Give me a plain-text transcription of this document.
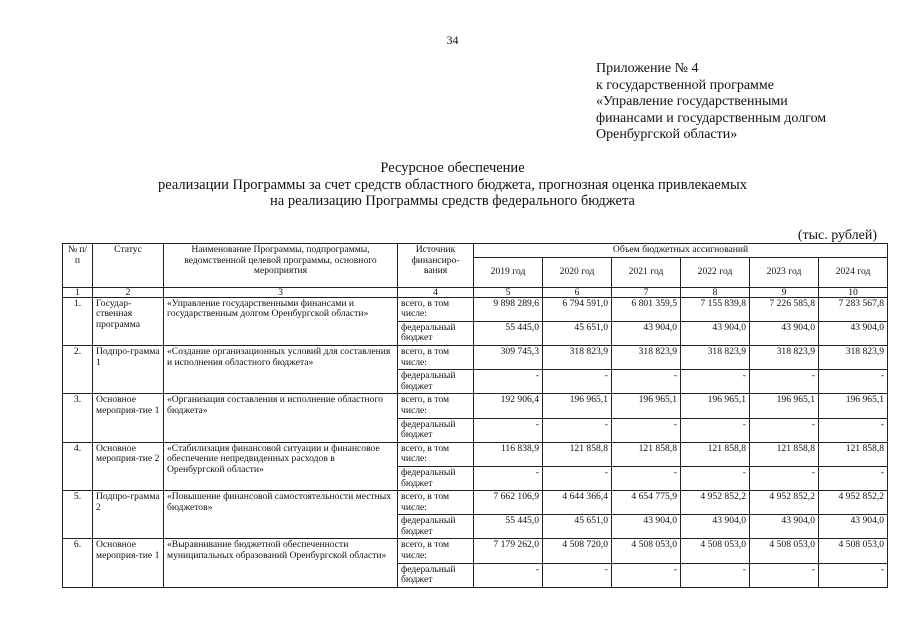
34
Приложение № 4
к государственной программе
«Управление государственными
финансами и государственным долгом
Оренбургской области»
Ресурсное обеспечение
реализации Программы за счет средств областного бюджета, прогнозная оценка привлекаемых
на реализацию Программы средств федерального бюджета
(тыс. рублей)
№ п/п	Статус	Наименование Программы, подпрограммы, ведомственной целевой программы, основного мероприятия	Источник финансиро-вания	Объем бюджетных ассигнований					
				2019 год	2020 год	2021 год	2022 год	2023 год	2024 год
1	2	3	4	5	6	7	8	9	10
1.	Государ-ственная программа	«Управление государственными финансами и государственным долгом Оренбургской области»	всего, в том числе:	9 898 289,6	6 794 591,0	6 801 359,5	7 155 839,8	7 226 585,8	7 283 567,8
			федеральный бюджет	55 445,0	45 651,0	43 904,0	43 904,0	43 904,0	43 904,0
2.	Подпро-грамма 1	«Создание организационных условий для составления и исполнения областного бюджета»	всего, в том числе:	309 745,3	318 823,9	318 823,9	318 823,9	318 823,9	318 823,9
			федеральный бюджет	-	-	-	-	-	-
3.	Основное мероприя-тие 1	«Организация составления и исполнение областного бюджета»	всего, в том числе:	192 906,4	196 965,1	196 965,1	196 965,1	196 965,1	196 965,1
			федеральный бюджет	-	-	-	-	-	-
4.	Основное мероприя-тие 2	«Стабилизация финансовой ситуации и финансовое обеспечение непредвиденных расходов в Оренбургской области»	всего, в том числе:	116 838,9	121 858,8	121 858,8	121 858,8	121 858,8	121 858,8
			федеральный бюджет	-	-	-	-	-	-
5.	Подпро-грамма 2	«Повышение финансовой самостоятельности местных бюджетов»	всего, в том числе:	7 662 106,9	4 644 366,4	4 654 775,9	4 952 852,2	4 952 852,2	4 952 852,2
			федеральный бюджет	55 445,0	45 651,0	43 904,0	43 904,0	43 904,0	43 904,0
6.	Основное мероприя-тие 1	«Выравнивание бюджетной обеспеченности муниципальных образований Оренбургской области»	всего, в том числе:	7 179 262,0	4 508 720,0	4 508 053,0	4 508 053,0	4 508 053,0	4 508 053,0
			федеральный бюджет	-	-	-	-	-	-
